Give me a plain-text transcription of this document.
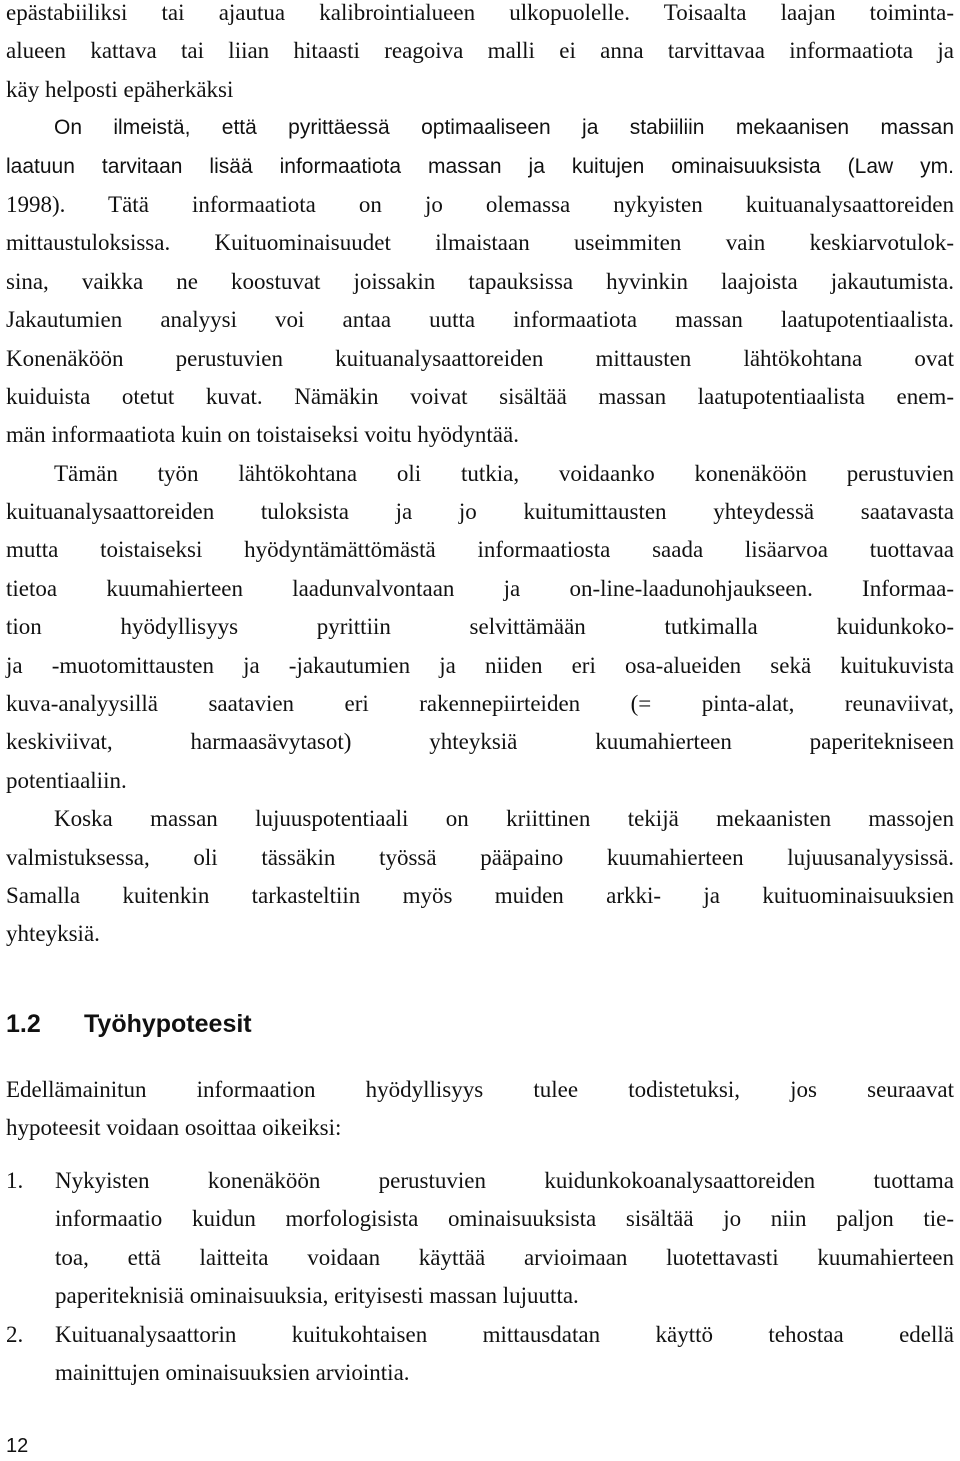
epästabiiliksi tai ajautua kalibrointialueen ulkopuolelle. Toisaalta laajan toiminta-
alueen kattava tai liian hitaasti reagoiva malli ei anna tarvittavaa informaatiota ja
käy helposti epäherkäksi
On ilmeistä, että pyrittäessä optimaaliseen ja stabiiliin mekaanisen massan
laatuun tarvitaan lisää informaatiota massan ja kuitujen ominaisuuksista (Law ym.
1998). Tätä informaatiota on jo olemassa nykyisten kuituanalysaattoreiden
mittaustuloksissa. Kuituominaisuudet ilmaistaan useimmiten vain keskiarvotulok-
sina, vaikka ne koostuvat joissakin tapauksissa hyvinkin laajoista jakautumista.
Jakautumien analyysi voi antaa uutta informaatiota massan laatupotentiaalista.
Konenäköön perustuvien kuituanalysaattoreiden mittausten lähtökohtana ovat
kuiduista otetut kuvat. Nämäkin voivat sisältää massan laatupotentiaalista enem-
män informaatiota kuin on toistaiseksi voitu hyödyntää.
Tämän työn lähtökohtana oli tutkia, voidaanko konenäköön perustuvien
kuituanalysaattoreiden tuloksista ja jo kuitumittausten yhteydessä saatavasta
mutta toistaiseksi hyödyntämättömästä informaatiosta saada lisäarvoa tuottavaa
tietoa kuumahierteen laadunvalvontaan ja on-line-laadunohjaukseen. Informaa-
tion hyödyllisyys pyrittiin selvittämään tutkimalla kuidunkoko-
ja -muotomittausten ja -jakautumien ja niiden eri osa-alueiden sekä kuitukuvista
kuva-analyysillä saatavien eri rakennepiirteiden (= pinta-alat, reunaviivat,
keskiviivat, harmaasävytasot) yhteyksiä kuumahierteen paperitekniseen
potentiaaliin.
Koska massan lujuuspotentiaali on kriittinen tekijä mekaanisten massojen
valmistuksessa, oli tässäkin työssä pääpaino kuumahierteen lujuusanalyysissä.
Samalla kuitenkin tarkasteltiin myös muiden arkki- ja kuituominaisuuksien
yhteyksiä.
1.2 Työhypoteesit
Edellämainitun informaation hyödyllisyys tulee todistetuksi, jos seuraavat
hypoteesit voidaan osoittaa oikeiksi:
1. Nykyisten konenäköön perustuvien kuidunkokoanalysaattoreiden tuottama
informaatio kuidun morfologisista ominaisuuksista sisältää jo niin paljon tie-
toa, että laitteita voidaan käyttää arvioimaan luotettavasti kuumahierteen
paperiteknisiä ominaisuuksia, erityisesti massan lujuutta.
2. Kuituanalysaattorin kuitukohtaisen mittausdatan käyttö tehostaa edellä
mainittujen ominaisuuksien arviointia.
12
